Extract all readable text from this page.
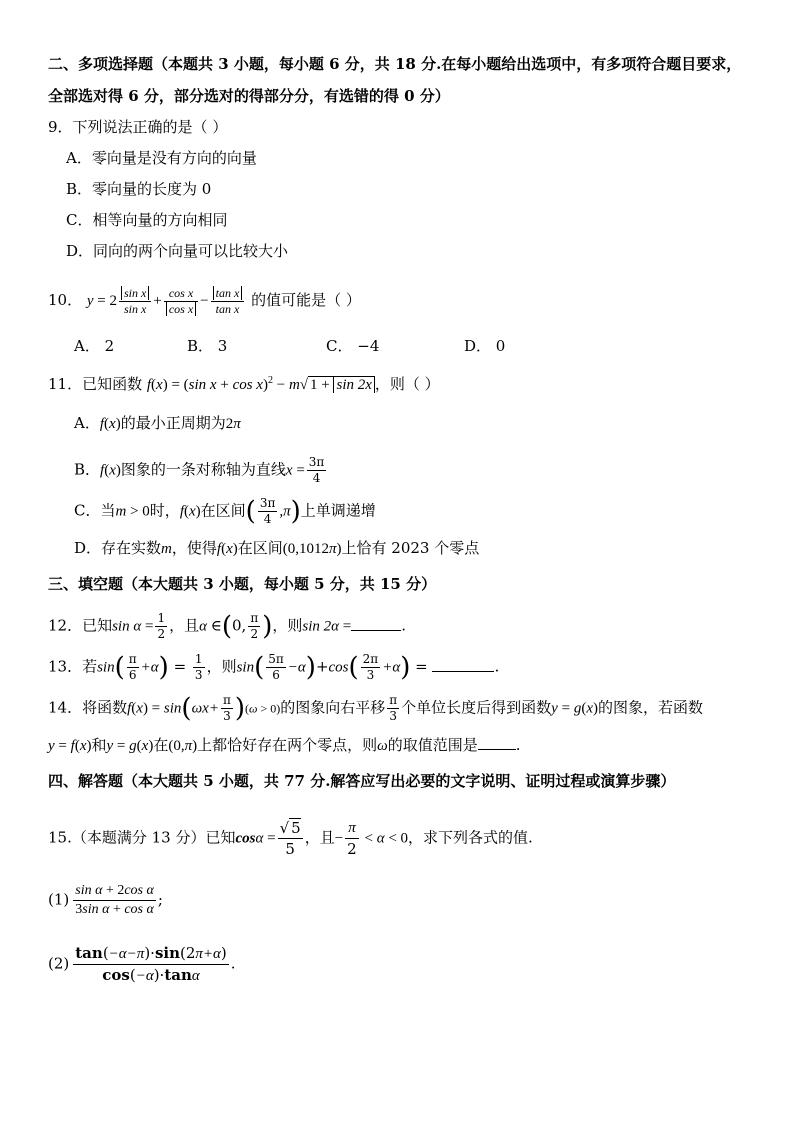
二、多项选择题（本题共 3 小题，每小题 6 分，共 18 分.在每小题给出选项中，有多项符合题目要求，
全部选对得 6 分，部分选对的得部分分，有选错的得 0 分）
9．下列说法正确的是（ ）
A．零向量是没有方向的向量
B．零向量的长度为 0
C．相等向量的方向相同
D．同向的两个向量可以比较大小
10． $y = 2 \frac{\text{sin x}}{\text{sin x}} + \frac{\text{cos x}}{\text{cos x}} - \frac{\text{tan x}}{\text{tan x}}$ 的值可能是（ ）
A． 2	B． 3	C． −4	D． 0
11．已知函数 f(x) = (sin x + cos x)$^2$ − m√ 1 + sin 2x ，则（ ）
A．f(x)的最小正周期为2π
B．f(x)图象的一条对称轴为直线$x = \frac{3\pi}{4}$
C．当m > 0时，f(x)在区间( $\frac{3\pi}{4} ,\pi$)上单调递增
D．存在实数m，使得f(x)在区间(0,1012π)上恰有 2023 个零点
三、填空题（本大题共 3 小题，每小题 5 分，共 15 分）
12．已知$\sin \alpha = \frac{1}{2}$ ，且α ∈(0, $\frac{\pi}{2}$ )，则sin 2α =	.
13．若$\sin( \frac{\pi}{6} +\alpha) = \frac{1}{3}$ ，则$\sin( \frac{5\pi}{6} -\alpha)+\cos( \frac{2\pi}{3} +\alpha)$ =	.
14．将函数$f(x) = \sin(\omega x+ \frac{\pi}{3} )(\omega > 0)$的图象向右平移 $\frac{\pi}{3}$ 个单位长度后得到函数y = g(x)的图象，若函数
y = f(x)和y = g(x)在(0,π)上都恰好存在两个零点，则ω的取值范围是	.
四、解答题（本大题共 5 小题，共 77 分.解答应写出必要的文字说明、证明过程或演算步骤）
15.（本题满分 13 分）已知$\cos\alpha = \frac{√ 5}{5}$ ，且− $\frac{\pi}{2} < \alpha < 0$，求下列各式的值.
$(1) \frac{\text{sin α + 2cos α}}{\text{3sin α + cos α}}$ ;
$(2) \frac{\tan(-\alpha-\pi)\cdot\sin(2\pi+\alpha)}{\cos(-\alpha)\cdot\tan\alpha}$ .
